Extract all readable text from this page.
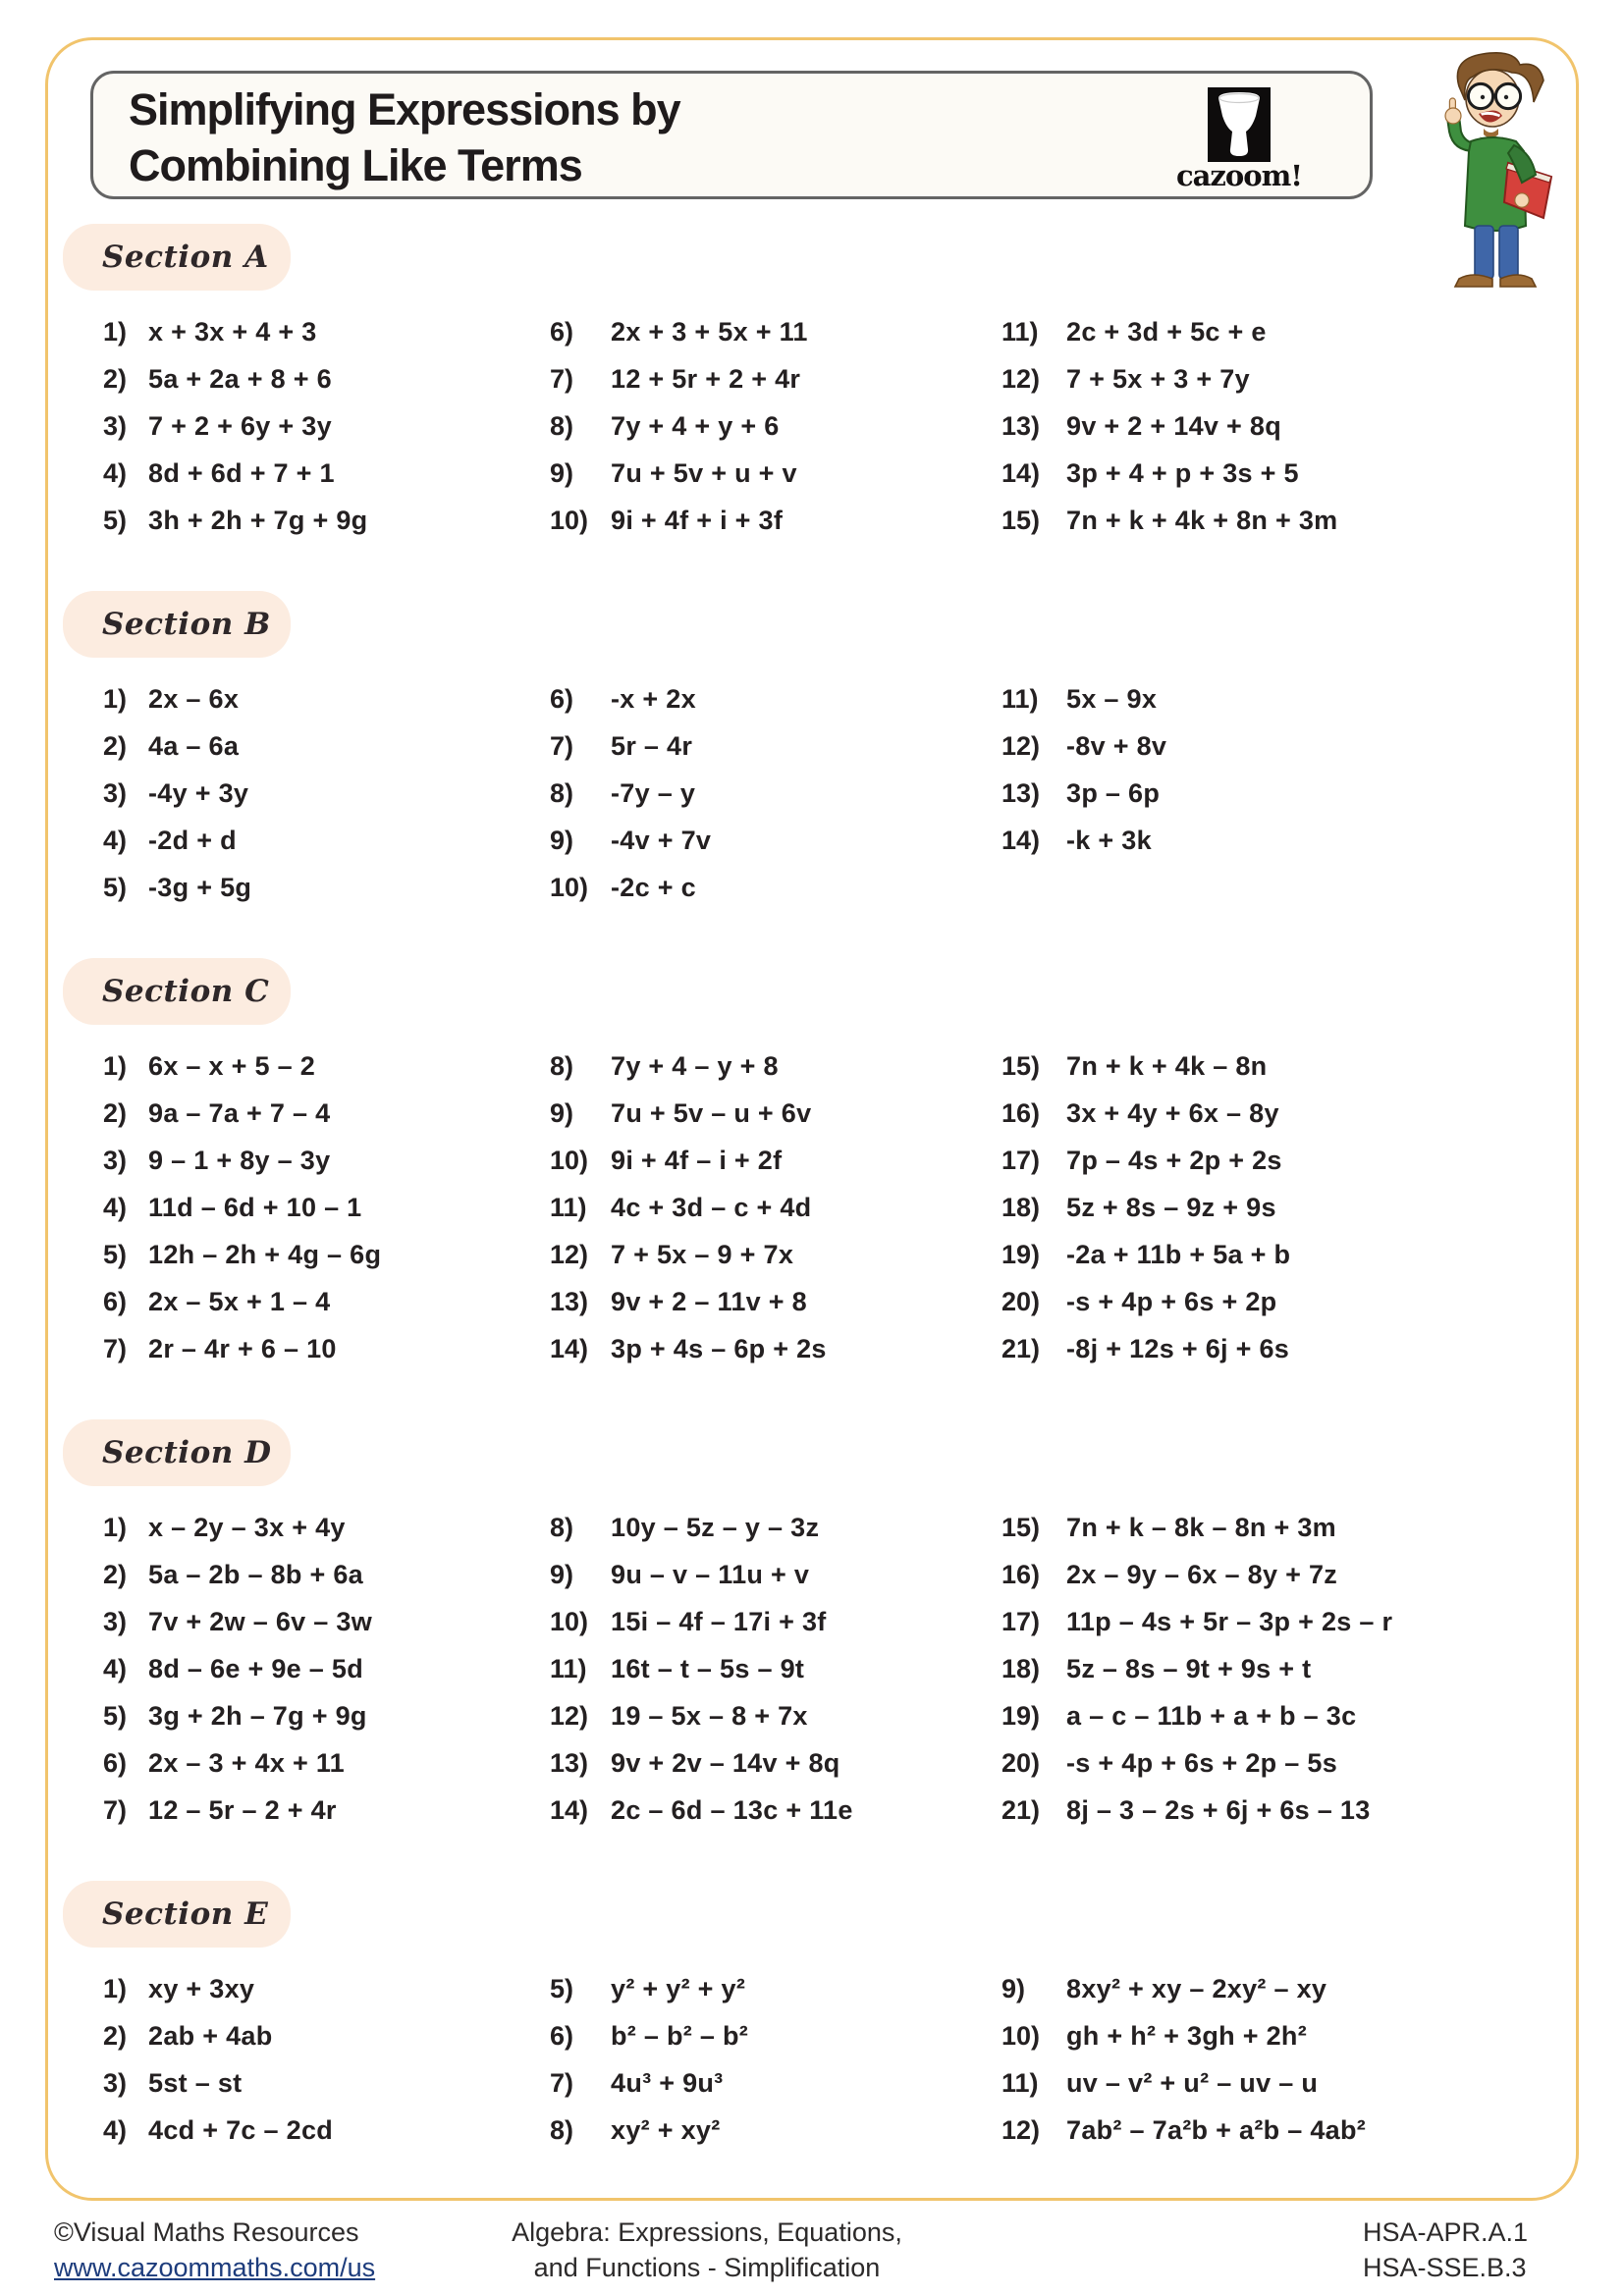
Simplifying Expressions by
Combining Like Terms	cazoom!
Section A
1) x + 3x + 4 + 3
2) 5a + 2a + 8 + 6
3) 7 + 2 + 6y + 3y
4) 8d + 6d + 7 + 1
5) 3h + 2h + 7g + 9g
6)	2x + 3 + 5x + 11
7)	12 + 5r + 2 + 4r
8)	7y + 4 + y + 6
9)	7u + 5v + u + v
10) 9i + 4f + i + 3f
11)	2c + 3d + 5c + e
12) 7 + 5x + 3 + 7y
13) 9v + 2 + 14v + 8q
14) 3p + 4 + p + 3s + 5
15) 7n + k + 4k + 8n + 3m
Section B
1) 2x – 6x
2) 4a – 6a
3) -4y + 3y
4) -2d + d
5) -3g + 5g
6)	-x + 2x
7)	5r – 4r
8)	-7y – y
9)	-4v + 7v
10) -2c + c
11)	5x – 9x
12) -8v + 8v
13) 3p – 6p
14) -k + 3k
Section C
1) 6x – x + 5 – 2
2) 9a – 7a + 7 – 4
3) 9 – 1 + 8y – 3y
4) 11d – 6d + 10 – 1
5) 12h – 2h + 4g – 6g
6) 2x – 5x + 1 – 4
7) 2r – 4r + 6 – 10
8)	7y + 4 – y + 8
9)	7u + 5v – u + 6v
10) 9i + 4f – i + 2f
11) 4c + 3d – c + 4d
12) 7 + 5x – 9 + 7x
13) 9v + 2 – 11v + 8
14) 3p + 4s – 6p + 2s
15) 7n + k + 4k – 8n
16) 3x + 4y + 6x – 8y
17) 7p – 4s + 2p + 2s
18) 5z + 8s – 9z + 9s
19) -2a + 11b + 5a + b
20) -s + 4p + 6s + 2p
21) -8j + 12s + 6j + 6s
Section D
1) x – 2y – 3x + 4y
2) 5a – 2b – 8b + 6a
3) 7v + 2w – 6v – 3w
4) 8d – 6e + 9e – 5d
5) 3g + 2h – 7g + 9g
6) 2x – 3 + 4x + 11
7) 12 – 5r – 2 + 4r
8)	10y – 5z – y – 3z
9)	9u – v – 11u + v
10) 15i – 4f – 17i + 3f
11) 16t – t – 5s – 9t
12) 19 – 5x – 8 + 7x
13) 9v + 2v – 14v + 8q
14) 2c – 6d – 13c + 11e
15) 7n + k – 8k – 8n + 3m
16) 2x – 9y – 6x – 8y + 7z
17) 11p – 4s + 5r – 3p + 2s – r
18) 5z – 8s – 9t + 9s + t
19) a – c – 11b + a + b – 3c
20) -s + 4p + 6s + 2p – 5s
21) 8j – 3 – 2s + 6j + 6s – 13
Section E
1) xy + 3xy
2) 2ab + 4ab
3) 5st – st
4) 4cd + 7c – 2cd
5)	y² + y² + y²
6)	b² – b² – b²
7)	4u³ + 9u³
8)	xy² + xy²
9)	8xy² + xy – 2xy² – xy
10) gh + h² + 3gh + 2h²
11)	uv – v² + u² – uv – u
12) 7ab² – 7a²b + a²b – 4ab²
©Visual Maths Resources
www.cazoommaths.com/us
Algebra: Expressions, Equations,
and Functions - Simplification
HSA-APR.A.1
HSA-SSE.B.3
